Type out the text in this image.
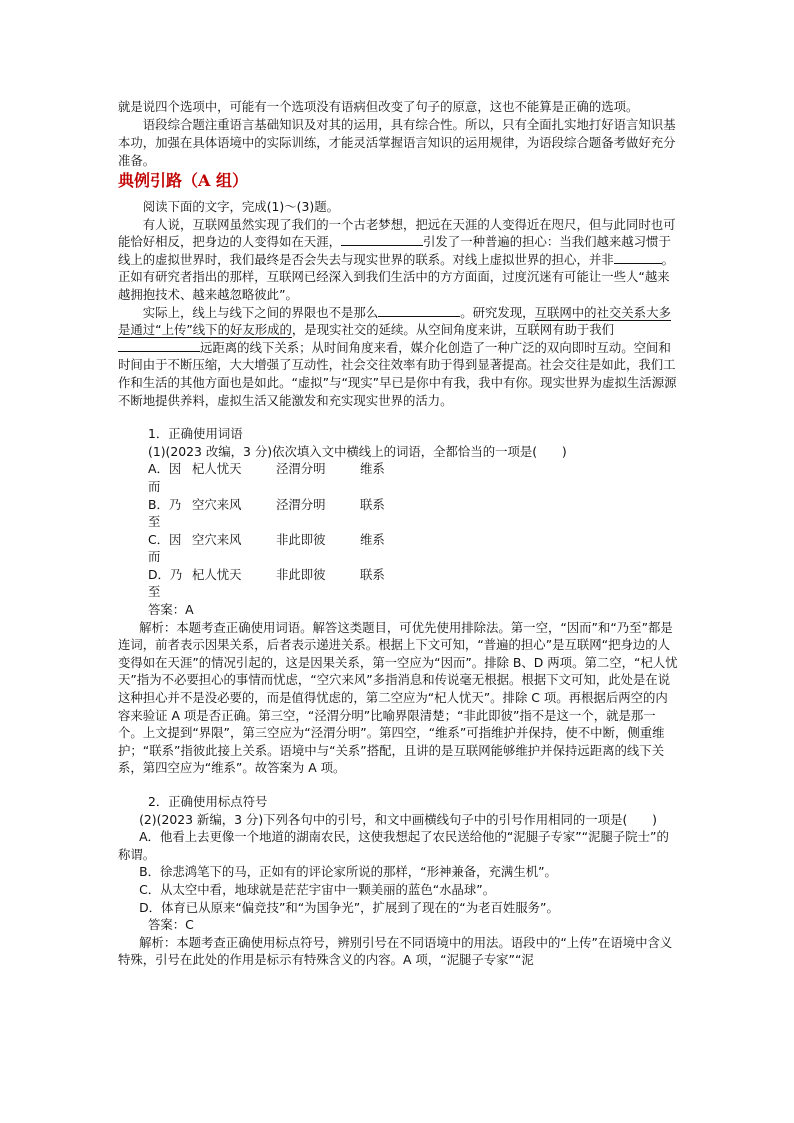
就是说四个选项中，可能有一个选项没有语病但改变了句子的原意，这也不能算是正确的选项。

语段综合题注重语言基础知识及对其的运用，具有综合性。所以，只有全面扎实地打好语言知识基本功，加强在具体语境中的实际训练，才能灵活掌握语言知识的运用规律，为语段综合题备考做好充分准备。

典例引路（A 组）

阅读下面的文字，完成(1)～(3)题。

有人说，互联网虽然实现了我们的一个古老梦想，把远在天涯的人变得近在咫尺，但与此同时也可能恰好相反，把身边的人变得如在天涯，	引发了一种普遍的担心：当我们越来越习惯于线上的虚拟世界时，我们最终是否会失去与现实世界的联系。对线上虚拟世界的担心，并非	。正如有研究者指出的那样，互联网已经深入到我们生活中的方方面面，过度沉迷有可能让一些人“越来越拥抱技术、越来越忽略彼此”。

实际上，线上与线下之间的界限也不是那么	。研究发现，互联网中的社交关系大多是通过“上传”线下的好友形成的，是现实社交的延续。从空间角度来讲，互联网有助于我们远距离的线下关系；从时间角度来看，媒介化创造了一种广泛的双向即时互动。空间和时间由于不断压缩，大大增强了互动性，社会交往效率有助于得到显著提高。社会交往是如此，我们工作和生活的其他方面也是如此。“虚拟”与“现实”早已是你中有我，我中有你。现实世界为虚拟生活源源不断地提供养料，虚拟生活又能激发和充实现实世界的活力。

1．正确使用词语

(1)(2023 改编，3 分)依次填入文中横线上的词语，全都恰当的一项是(　　)

A．因而
杞人忧天	泾渭分明	维系
B．乃至
空穴来风	泾渭分明	联系
C．因而
空穴来风	非此即彼	维系
D．乃至
杞人忧天	非此即彼	联系

答案：A

解析：本题考查正确使用词语。解答这类题目，可优先使用排除法。第一空，“因而”和“乃至”都是连词，前者表示因果关系，后者表示递进关系。根据上下文可知，“普遍的担心”是互联网“把身边的人变得如在天涯”的情况引起的，这是因果关系，第一空应为“因而”。排除 B、D 两项。第二空，“杞人忧天”指为不必要担心的事情而忧虑，“空穴来风”多指消息和传说毫无根据。根据下文可知，此处是在说这种担心并不是没必要的，而是值得忧虑的，第二空应为“杞人忧天”。排除 C 项。再根据后两空的内容来验证 A 项是否正确。第三空，“泾渭分明”比喻界限清楚；“非此即彼”指不是这一个，就是那一个。上文提到“界限”，第三空应为“泾渭分明”。第四空，“维系”可指维护并保持，使不中断，侧重维护；“联系”指彼此接上关系。语境中与“关系”搭配，且讲的是互联网能够维护并保持远距离的线下关系，第四空应为“维系”。故答案为 A 项。

2．正确使用标点符号

(2)(2023 新编，3 分)下列各句中的引号，和文中画横线句子中的引号作用相同的一项是(　　)

A．他看上去更像一个地道的湖南农民，这使我想起了农民送给他的“泥腿子专家”“泥腿子院士”的称谓。

B．徐悲鸿笔下的马，正如有的评论家所说的那样，“形神兼备，充满生机”。

C．从太空中看，地球就是茫茫宇宙中一颗美丽的蓝色“水晶球”。

D．体育已从原来“偏竞技”和“为国争光”，扩展到了现在的“为老百姓服务”。

答案：C

解析：本题考查正确使用标点符号，辨别引号在不同语境中的用法。语段中的“上传”在语境中含义特殊，引号在此处的作用是标示有特殊含义的内容。A 项，“泥腿子专家”“泥
